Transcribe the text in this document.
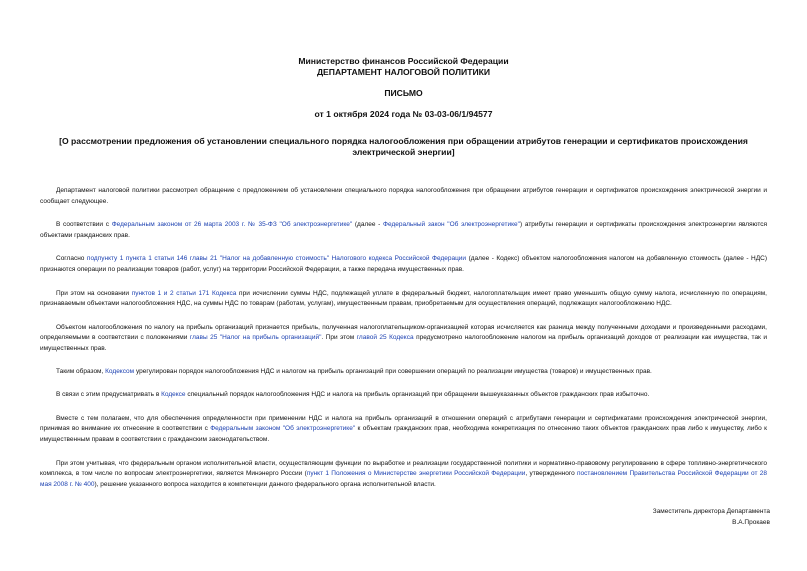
Министерство финансов Российской Федерации
ДЕПАРТАМЕНТ НАЛОГОВОЙ ПОЛИТИКИ
ПИСЬМО
от 1 октября 2024 года № 03-03-06/1/94577
[О рассмотрении предложения об установлении специального порядка налогообложения при обращении атрибутов генерации и сертификатов происхождения электрической энергии]

Департамент налоговой политики рассмотрел обращение с предложением об установлении специального порядка налогообложения при обращении атрибутов генерации и сертификатов происхождения электрической энергии и сообщает следующее.

В соответствии с Федеральным законом от 26 марта 2003 г. № 35-ФЗ "Об электроэнергетике" (далее - Федеральный закон "Об электроэнергетике") атрибуты генерации и сертификаты происхождения электроэнергии являются объектами гражданских прав.

Согласно подпункту 1 пункта 1 статьи 146 главы 21 "Налог на добавленную стоимость" Налогового кодекса Российской Федерации (далее - Кодекс) объектом налогообложения налогом на добавленную стоимость (далее - НДС) признаются операции по реализации товаров (работ, услуг) на территории Российской Федерации, а также передача имущественных прав.

При этом на основании пунктов 1 и 2 статьи 171 Кодекса при исчислении суммы НДС, подлежащей уплате в федеральный бюджет, налогоплательщик имеет право уменьшить общую сумму налога, исчисленную по операциям, признаваемым объектами налогообложения НДС, на суммы НДС по товарам (работам, услугам), имущественным правам, приобретаемым для осуществления операций, подлежащих налогообложению НДС.

Объектом налогообложения по налогу на прибыль организаций признается прибыль, полученная налогоплательщиком-организацией которая исчисляется как разница между полученными доходами и произведенными расходами, определяемыми в соответствии с положениями главы 25 "Налог на прибыль организаций". При этом главой 25 Кодекса предусмотрено налогообложение налогом на прибыль организаций доходов от реализации как имущества, так и имущественных прав.

Таким образом, Кодексом урегулирован порядок налогообложения НДС и налогом на прибыль организаций при совершении операций по реализации имущества (товаров) и имущественных прав.

В связи с этим предусматривать в Кодексе специальный порядок налогообложения НДС и налога на прибыль организаций при обращении вышеуказанных объектов гражданских прав избыточно.

Вместе с тем полагаем, что для обеспечения определенности при применении НДС и налога на прибыль организаций в отношении операций с атрибутами генерации и сертификатами происхождения электрической энергии, принимая во внимание их отнесение в соответствии с Федеральным законом "Об электроэнергетике" к объектам гражданских прав, необходима конкретизация по отнесению таких объектов гражданских прав либо к имуществу, либо к имущественным правам в соответствии с гражданским законодательством.

При этом учитывая, что федеральным органом исполнительной власти, осуществляющим функции по выработке и реализации государственной политики и нормативно-правовому регулированию в сфере топливно-энергетического комплекса, в том числе по вопросам электроэнергетики, является Минэнерго России (пункт 1 Положения о Министерстве энергетики Российской Федерации, утвержденного постановлением Правительства Российской Федерации от 28 мая 2008 г. № 400), решение указанного вопроса находится в компетенции данного федерального органа исполнительной власти.

Заместитель директора Департамента
В.А.Прокаев
